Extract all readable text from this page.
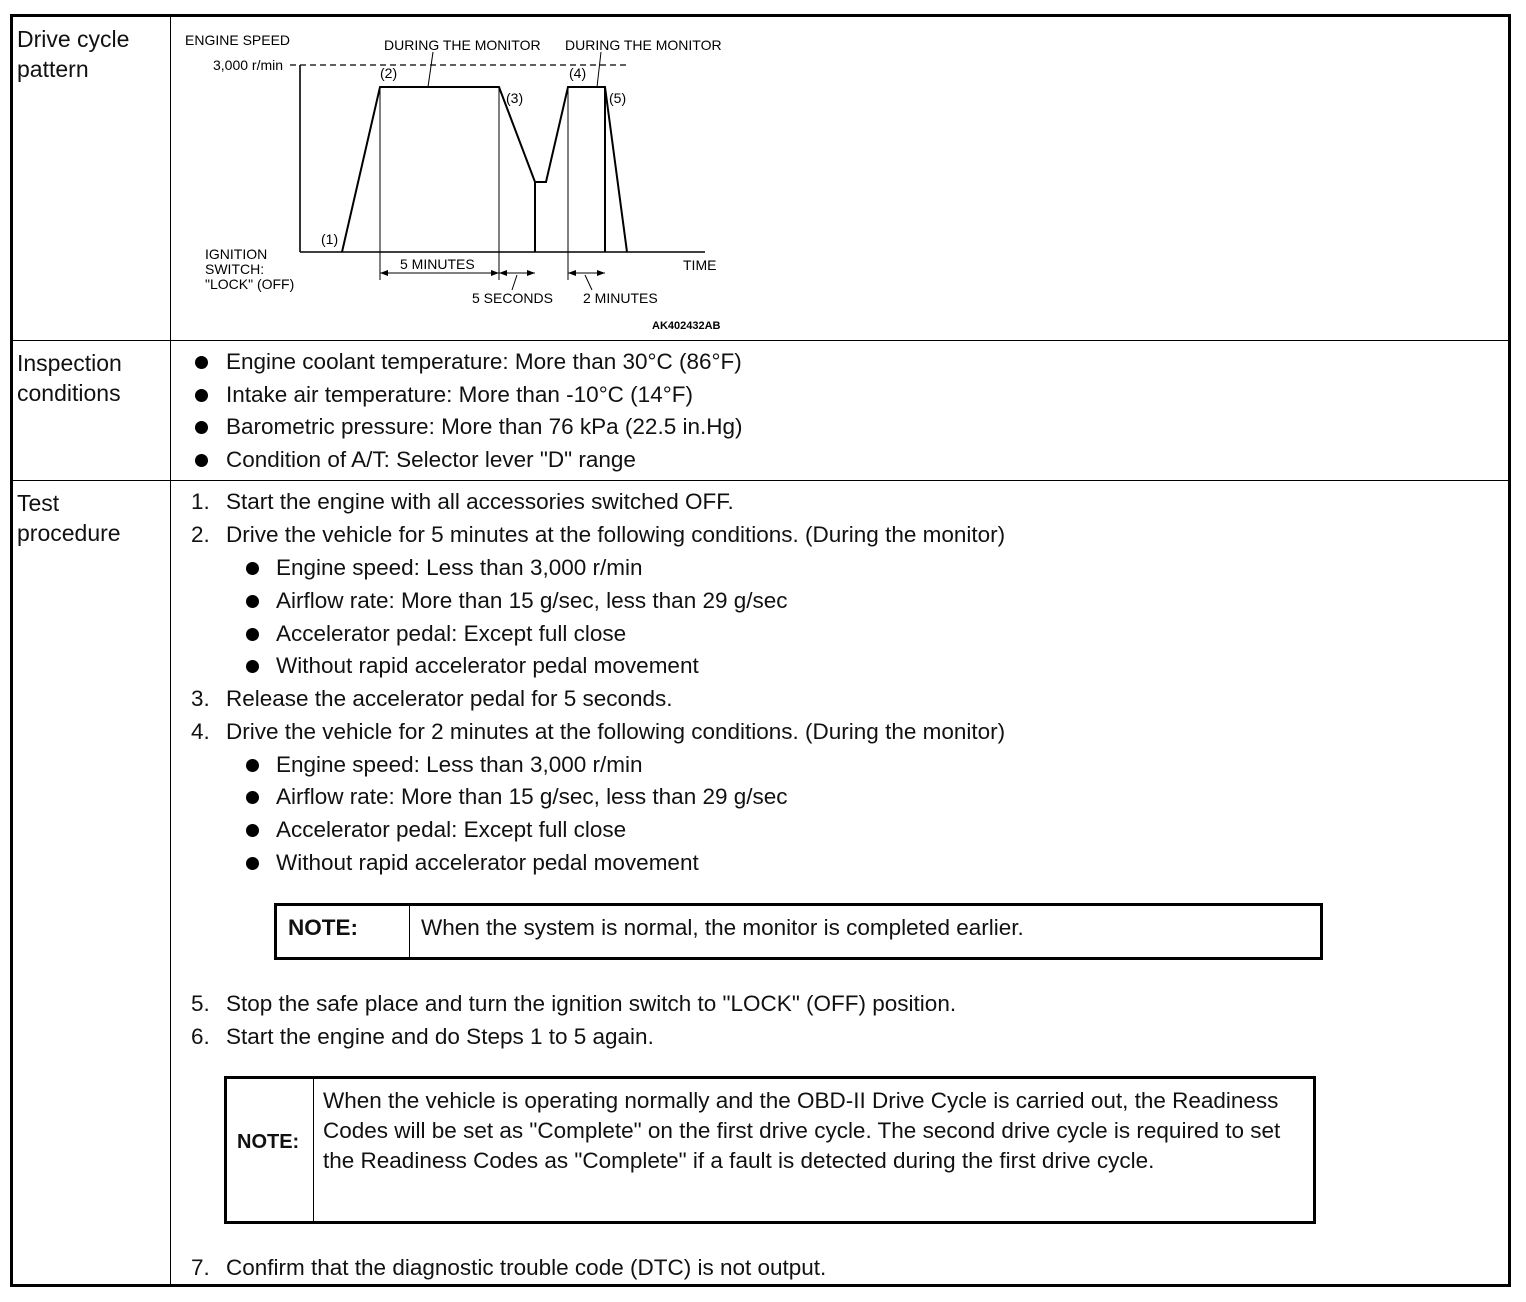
Drive cycle pattern
Inspection conditions
Test procedure
ENGINE SPEED
3,000 r/min
DURING THE MONITOR DURING THE MONITOR
(1)
(2)
(3)
(4)
(5)
IGNITION
SWITCH:
"LOCK" (OFF)
TIME
5 MINUTES
5 SECONDS 2 MINUTES
AK402432AB
Engine coolant temperature: More than 30°C (86°F)
Intake air temperature: More than -10°C (14°F)
Barometric pressure: More than 76 kPa (22.5 in.Hg)
Condition of A/T: Selector lever "D" range
1. Start the engine with all accessories switched OFF.
2. Drive the vehicle for 5 minutes at the following conditions. (During the monitor)
Engine speed: Less than 3,000 r/min
Airflow rate: More than 15 g/sec, less than 29 g/sec
Accelerator pedal: Except full close
Without rapid accelerator pedal movement
3. Release the accelerator pedal for 5 seconds.
4. Drive the vehicle for 2 minutes at the following conditions. (During the monitor)
Engine speed: Less than 3,000 r/min
Airflow rate: More than 15 g/sec, less than 29 g/sec
Accelerator pedal: Except full close
Without rapid accelerator pedal movement
NOTE:	When the system is normal, the monitor is completed earlier.
5. Stop the safe place and turn the ignition switch to "LOCK" (OFF) position.
6. Start the engine and do Steps 1 to 5 again.
NOTE:
When the vehicle is operating normally and the OBD-II Drive Cycle is carried out, the Readiness Codes will be set as "Complete" on the first drive cycle. The second drive cycle is required to set the Readiness Codes as "Complete" if a fault is detected during the first drive cycle.
7. Confirm that the diagnostic trouble code (DTC) is not output.
